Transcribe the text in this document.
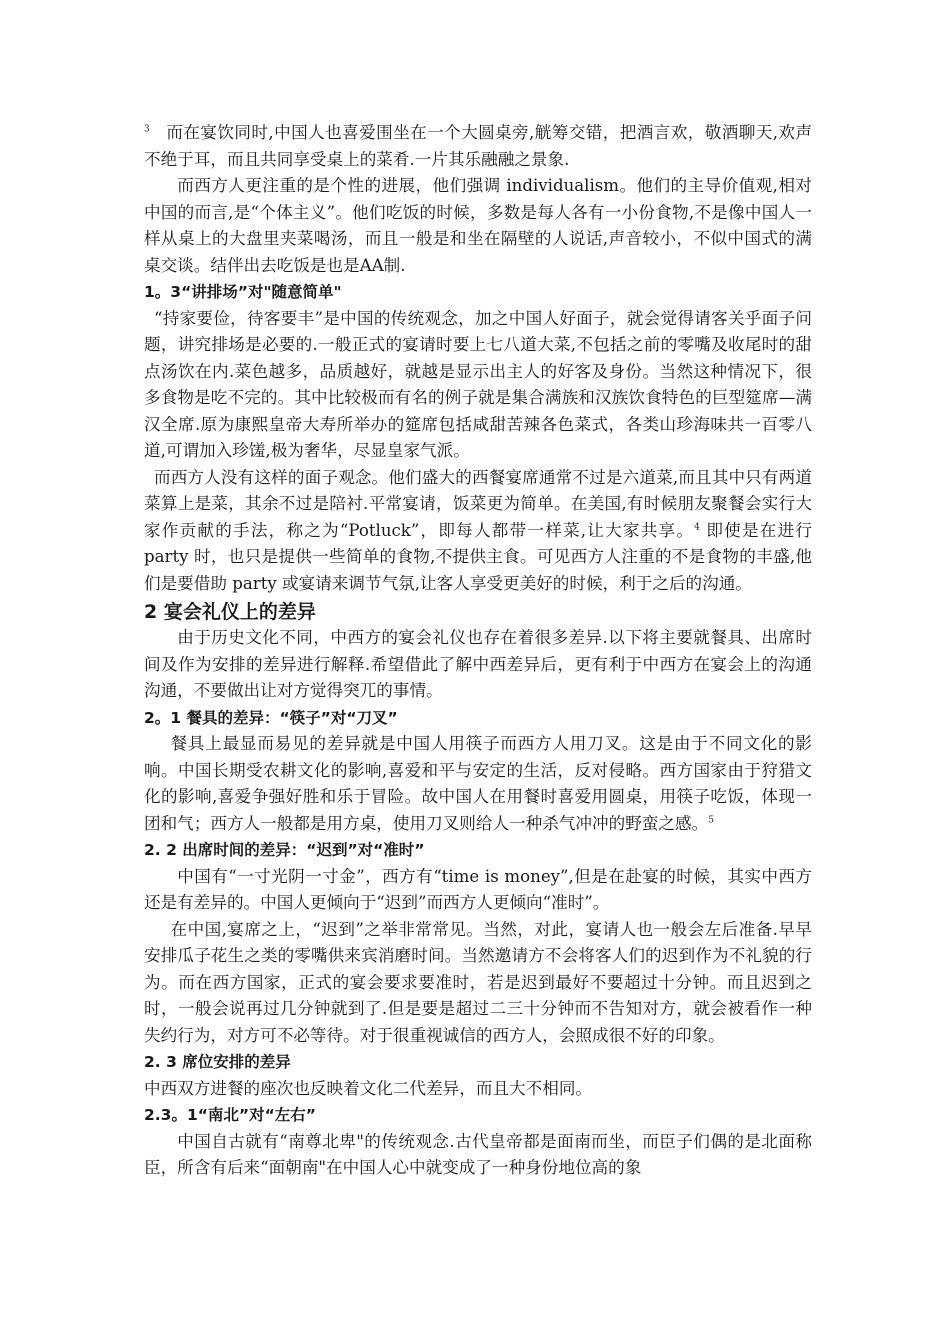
$^3$ 而在宴饮同时,中国人也喜爱围坐在一个大圆桌旁,觥筹交错，把酒言欢，敬酒聊天,欢声不绝于耳，而且共同享受桌上的菜肴.一片其乐融融之景象.

而西方人更注重的是个性的进展，他们强调 individualism。他们的主导价值观,相对中国的而言,是“个体主义”。他们吃饭的时候，多数是每人各有一小份食物,不是像中国人一样从桌上的大盘里夹菜喝汤，而且一般是和坐在隔壁的人说话,声音较小，不似中国式的满桌交谈。结伴出去吃饭是也是AA制.

1。3“讲排场”对"随意简单"

“持家要俭，待客要丰”是中国的传统观念，加之中国人好面子，就会觉得请客关乎面子问题，讲究排场是必要的.一般正式的宴请时要上七八道大菜,不包括之前的零嘴及收尾时的甜点汤饮在内.菜色越多，品质越好，就越是显示出主人的好客及身份。当然这种情况下，很多食物是吃不完的。其中比较极而有名的例子就是集合满族和汉族饮食特色的巨型筵席—满汉全席.原为康熙皇帝大寿所举办的筵席包括咸甜苦辣各色菜式，各类山珍海味共一百零八道,可谓加入珍馐,极为奢华，尽显皇家气派。

而西方人没有这样的面子观念。他们盛大的西餐宴席通常不过是六道菜,而且其中只有两道菜算上是菜，其余不过是陪衬.平常宴请，饭菜更为简单。在美国,有时候朋友聚餐会实行大家作贡献的手法，称之为“Potluck”，即每人都带一样菜,让大家共享。$^4$ 即使是在进行 party 时，也只是提供一些简单的食物,不提供主食。可见西方人注重的不是食物的丰盛,他们是要借助 party 或宴请来调节气氛,让客人享受更美好的时候，利于之后的沟通。

2 宴会礼仪上的差异

由于历史文化不同，中西方的宴会礼仪也存在着很多差异.以下将主要就餐具、出席时间及作为安排的差异进行解释.希望借此了解中西差异后，更有利于中西方在宴会上的沟通沟通，不要做出让对方觉得突兀的事情。

2。1 餐具的差异：“筷子”对“刀叉”

餐具上最显而易见的差异就是中国人用筷子而西方人用刀叉。这是由于不同文化的影响。中国长期受农耕文化的影响,喜爱和平与安定的生活，反对侵略。西方国家由于狩猎文化的影响,喜爱争强好胜和乐于冒险。故中国人在用餐时喜爱用圆桌，用筷子吃饭，体现一团和气；西方人一般都是用方桌，使用刀叉则给人一种杀气冲冲的野蛮之感。$^5$

2. 2 出席时间的差异：“迟到”对“准时”

中国有“一寸光阴一寸金”，西方有“time is money”,但是在赴宴的时候，其实中西方还是有差异的。中国人更倾向于“迟到”而西方人更倾向“准时”。

在中国,宴席之上，“迟到”之举非常常见。当然，对此，宴请人也一般会左后准备.早早安排瓜子花生之类的零嘴供来宾消磨时间。当然邀请方不会将客人们的迟到作为不礼貌的行为。而在西方国家，正式的宴会要求要准时，若是迟到最好不要超过十分钟。而且迟到之时，一般会说再过几分钟就到了.但是要是超过二三十分钟而不告知对方，就会被看作一种失约行为，对方可不必等待。对于很重视诚信的西方人，会照成很不好的印象。

2. 3 席位安排的差异

中西双方进餐的座次也反映着文化二代差异，而且大不相同。

2.3。1“南北”对“左右”

中国自古就有“南尊北卑"的传统观念.古代皇帝都是面南而坐，而臣子们偶的是北面称臣，所含有后来“面朝南"在中国人心中就变成了一种身份地位高的象
